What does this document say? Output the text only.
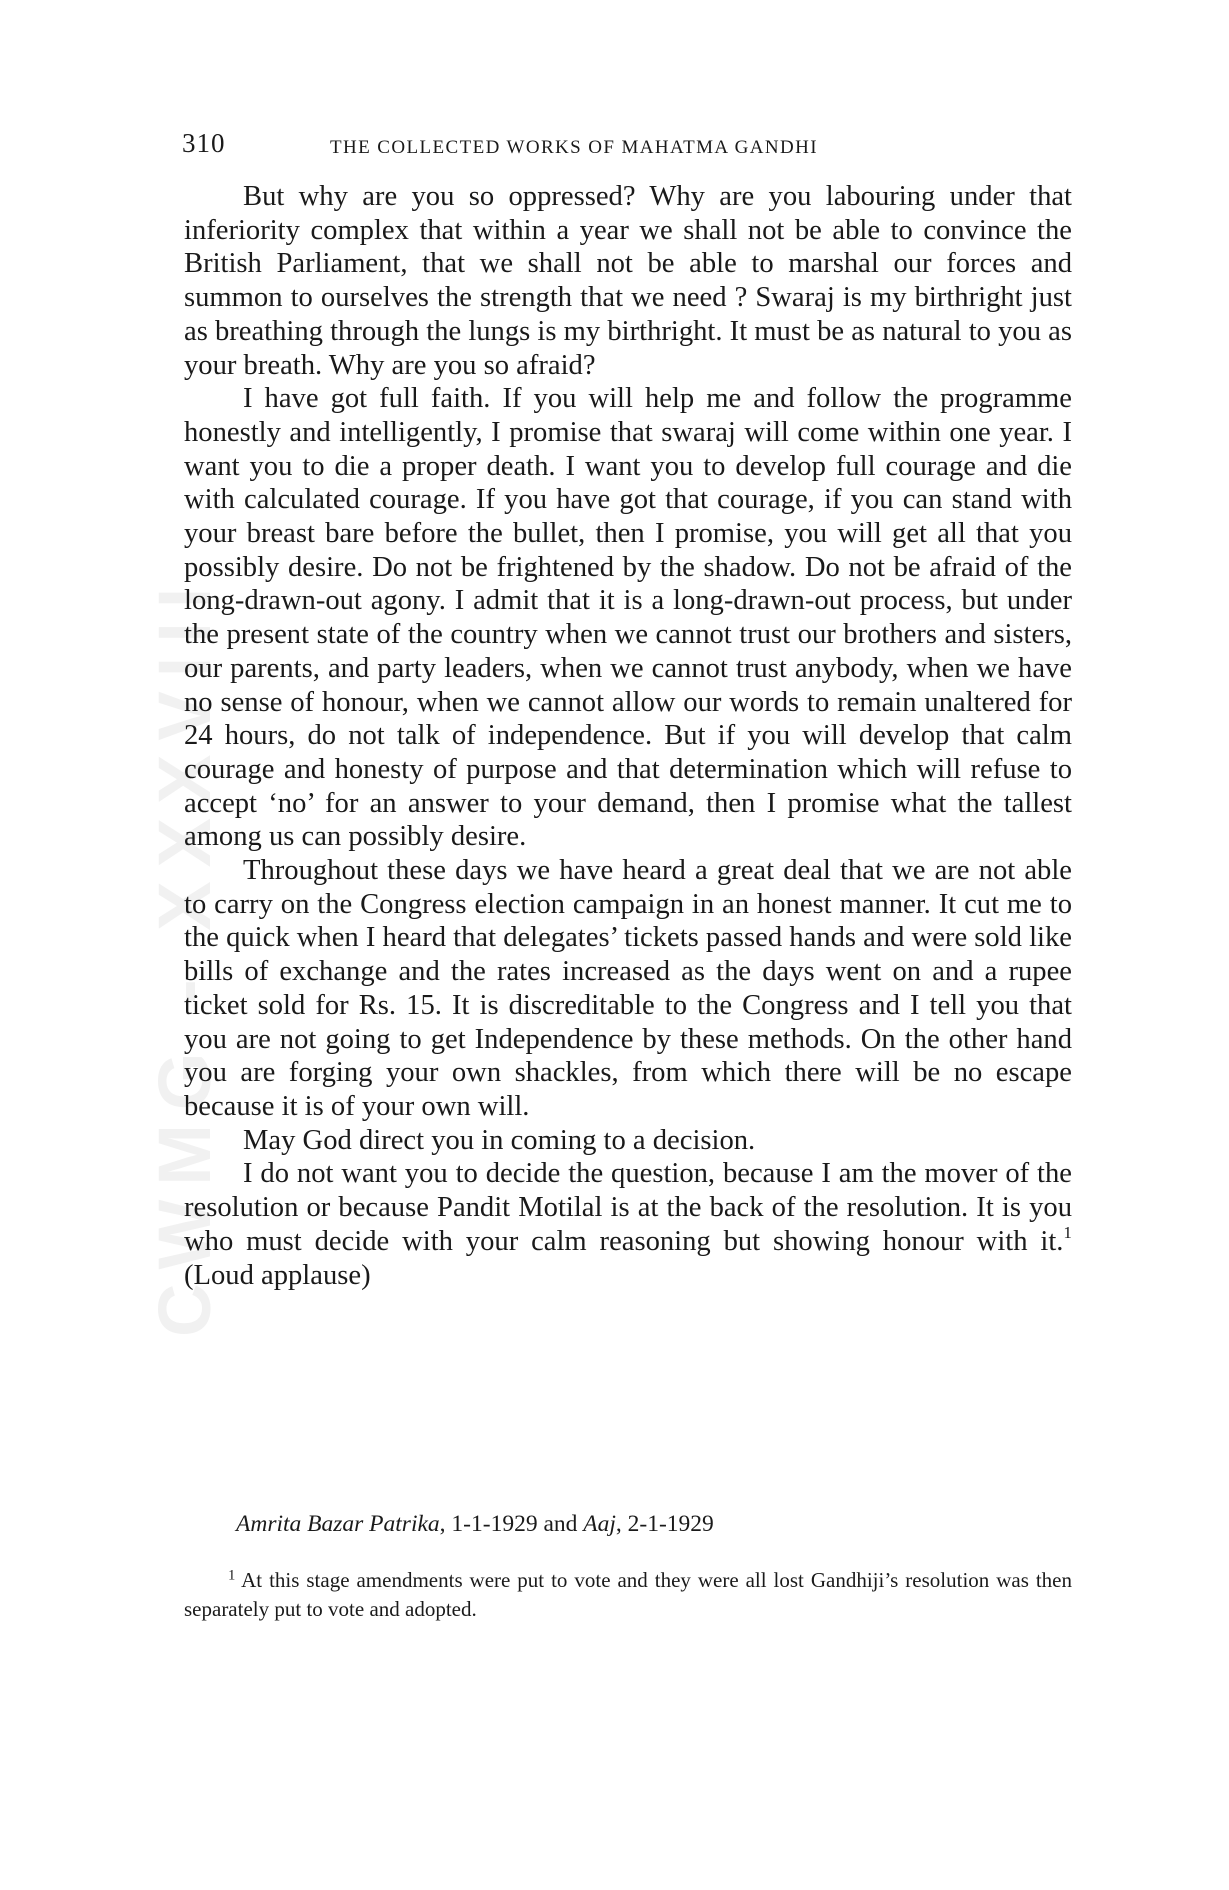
CWMG - XXXVIII
310	THE COLLECTED WORKS OF MAHATMA GANDHI

But why are you so oppressed? Why are you labouring under that inferiority complex that within a year we shall not be able to convince the British Parliament, that we shall not be able to marshal our forces and summon to ourselves the strength that we need ? Swaraj is my birthright just as breathing through the lungs is my birthright. It must be as natural to you as your breath. Why are you so afraid?

I have got full faith. If you will help me and follow the programme honestly and intelligently, I promise that swaraj will come within one year. I want you to die a proper death. I want you to develop full courage and die with calculated courage. If you have got that courage, if you can stand with your breast bare before the bullet, then I promise, you will get all that you possibly desire. Do not be frightened by the shadow. Do not be afraid of the long-drawn-out agony. I admit that it is a long-drawn-out process, but under the present state of the country when we cannot trust our brothers and sisters, our parents, and party leaders, when we cannot trust anybody, when we have no sense of honour, when we cannot allow our words to remain unaltered for 24 hours, do not talk of independence. But if you will develop that calm courage and honesty of purpose and that determination which will refuse to accept ‘no’ for an answer to your demand, then I promise what the tallest among us can possibly desire.

Throughout these days we have heard a great deal that we are not able to carry on the Congress election campaign in an honest manner. It cut me to the quick when I heard that delegates’ tickets passed hands and were sold like bills of exchange and the rates increased as the days went on and a rupee ticket sold for Rs. 15. It is discreditable to the Congress and I tell you that you are not going to get Independence by these methods. On the other hand you are forging your own shackles, from which there will be no escape because it is of your own will.

May God direct you in coming to a decision.

I do not want you to decide the question, because I am the mover of the resolution or because Pandit Motilal is at the back of the resolution. It is you who must decide with your calm reasoning but showing honour with it.$^1$ (Loud applause)

Amrita Bazar Patrika, 1-1-1929 and Aaj, 2-1-1929
$^1$ At this stage amendments were put to vote and they were all lost Gandhiji’s resolution was then separately put to vote and adopted.
